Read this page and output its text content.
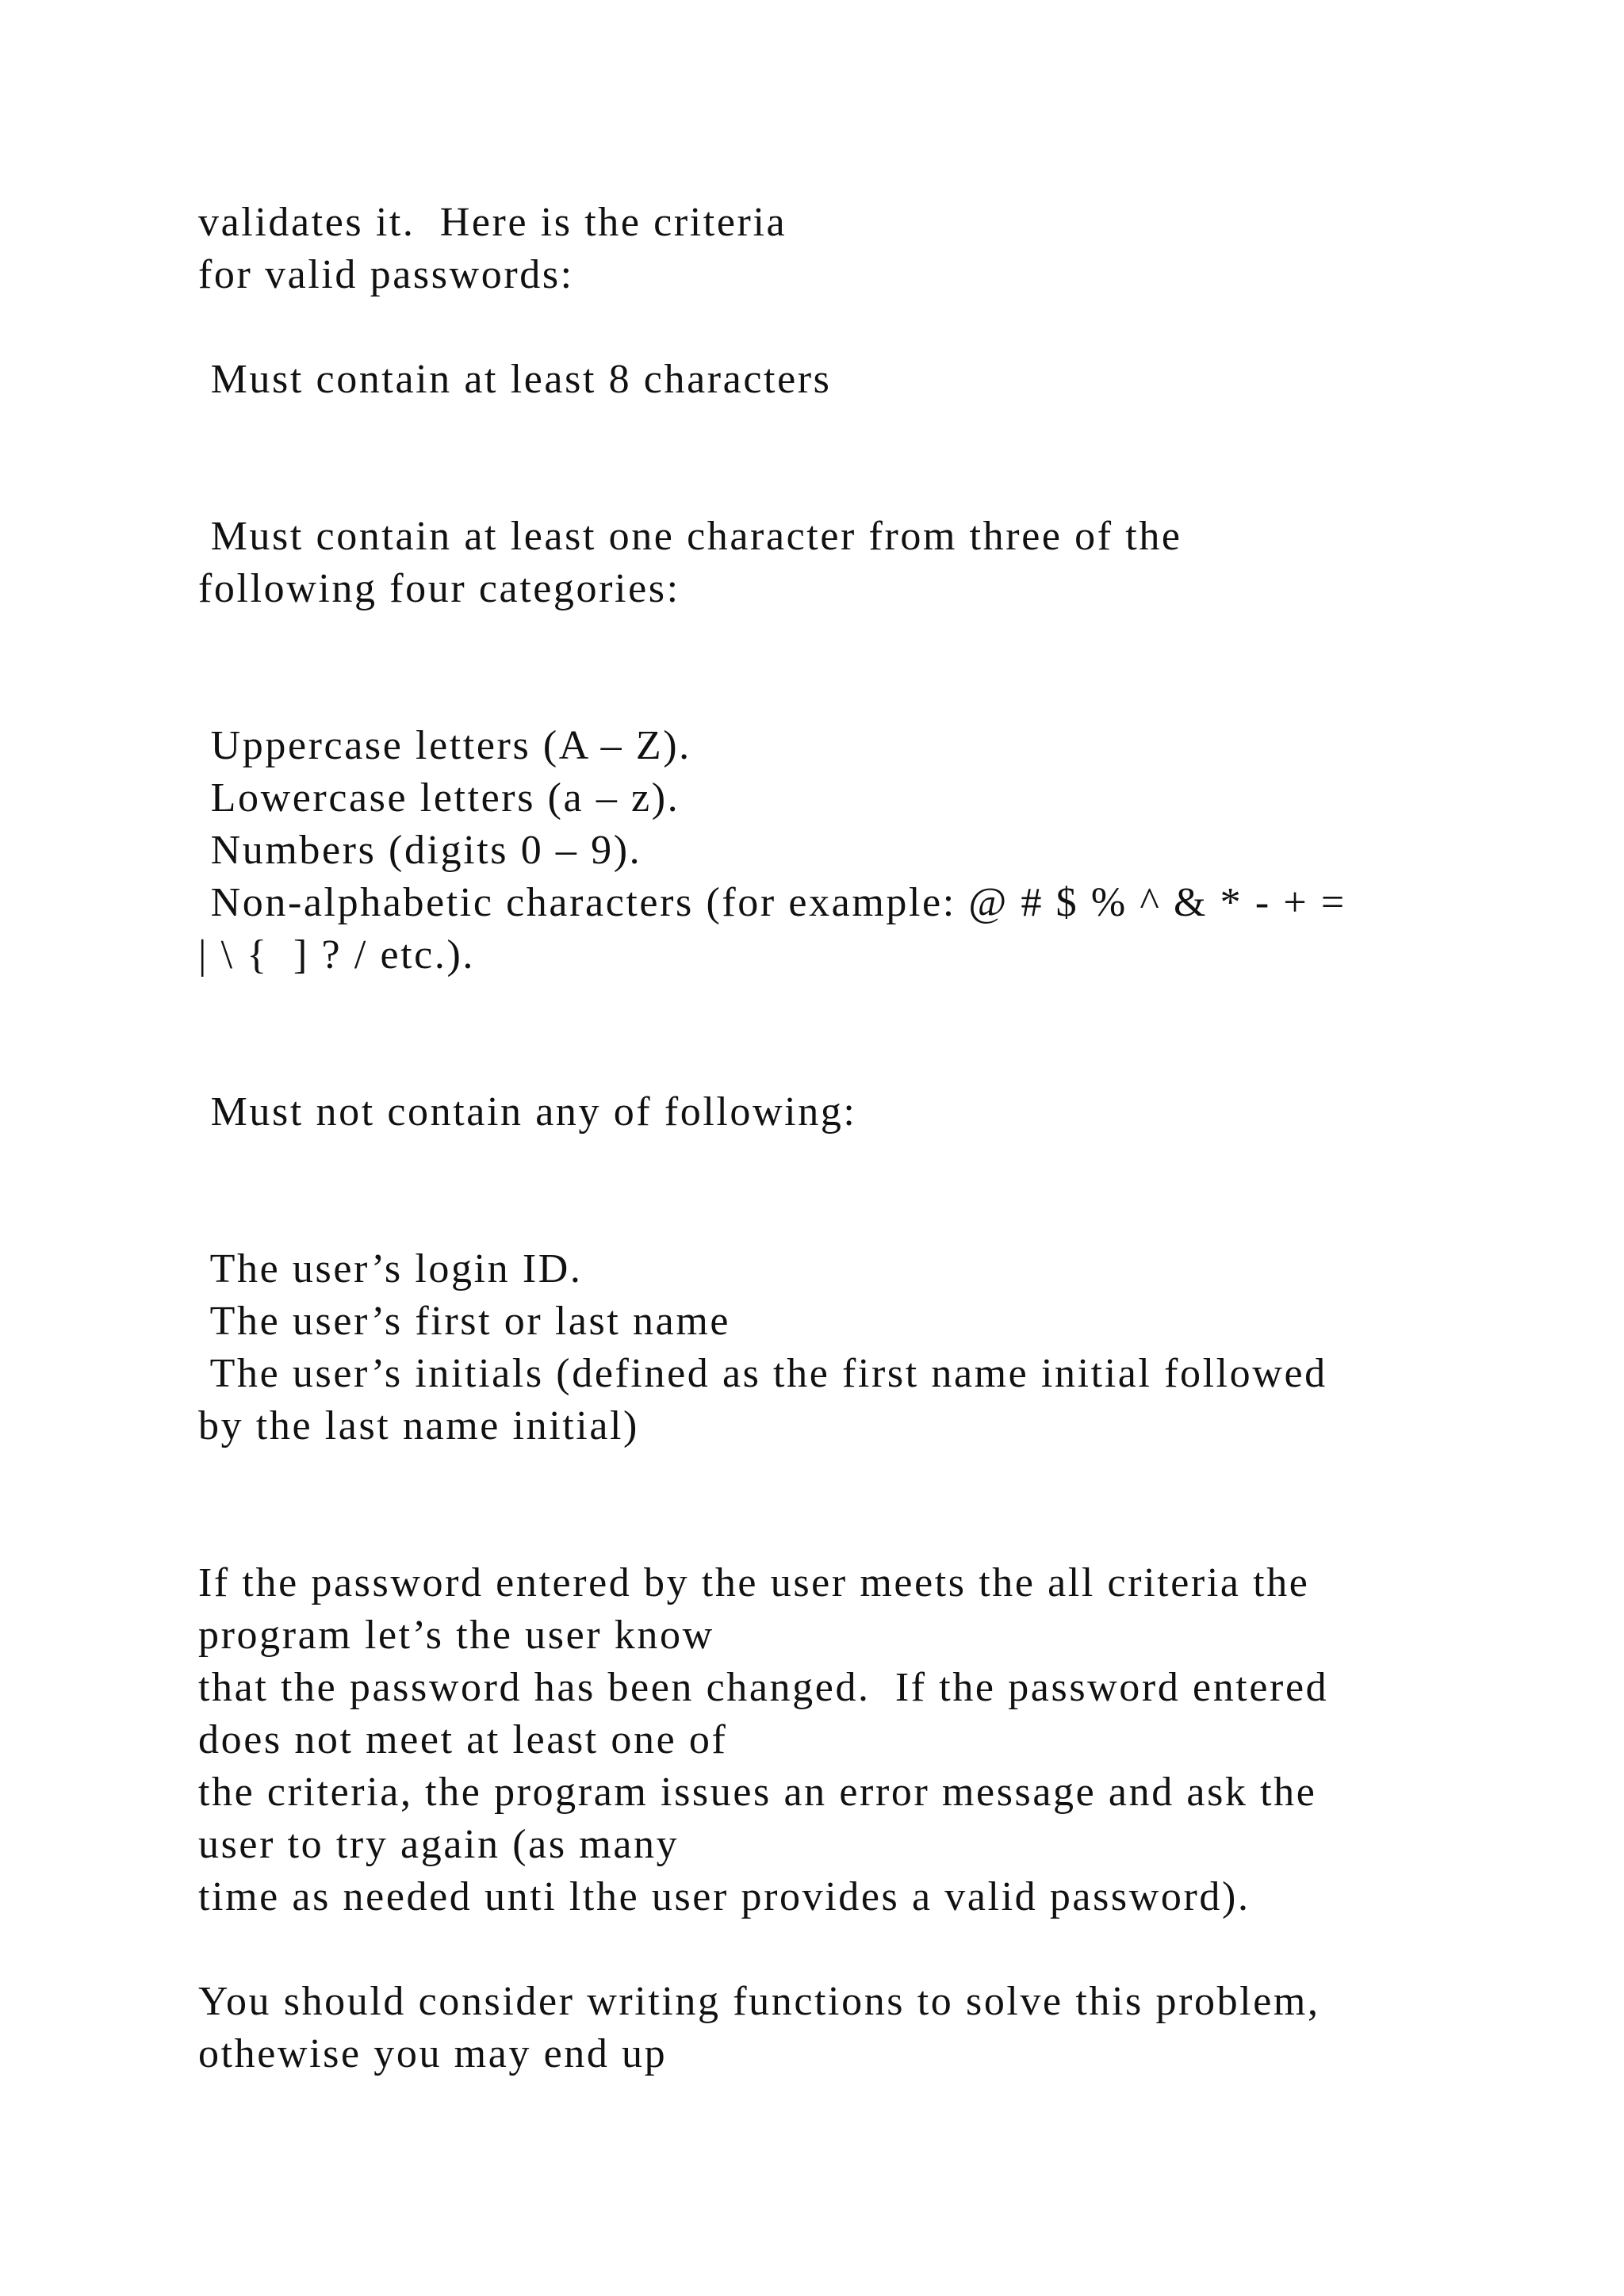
validates it.  Here is the criteria

for valid passwords:

Must contain at least 8 characters

Must contain at least one character from three of the

following four categories:

Uppercase letters (A – Z).

Lowercase letters (a – z).

Numbers (digits 0 – 9).

Non-alphabetic characters (for example: @ # $ % ^ & * - + =

| \ {  ] ? / etc.).

Must not contain any of following:

The user’s login ID.

The user’s first or last name

The user’s initials (defined as the first name initial followed

by the last name initial)

If the password entered by the user meets the all criteria the

program let’s the user know

that the password has been changed.  If the password entered

does not meet at least one of

the criteria, the program issues an error message and ask the

user to try again (as many

time as needed unti lthe user provides a valid password).

You should consider writing functions to solve this problem,

othewise you may end up
